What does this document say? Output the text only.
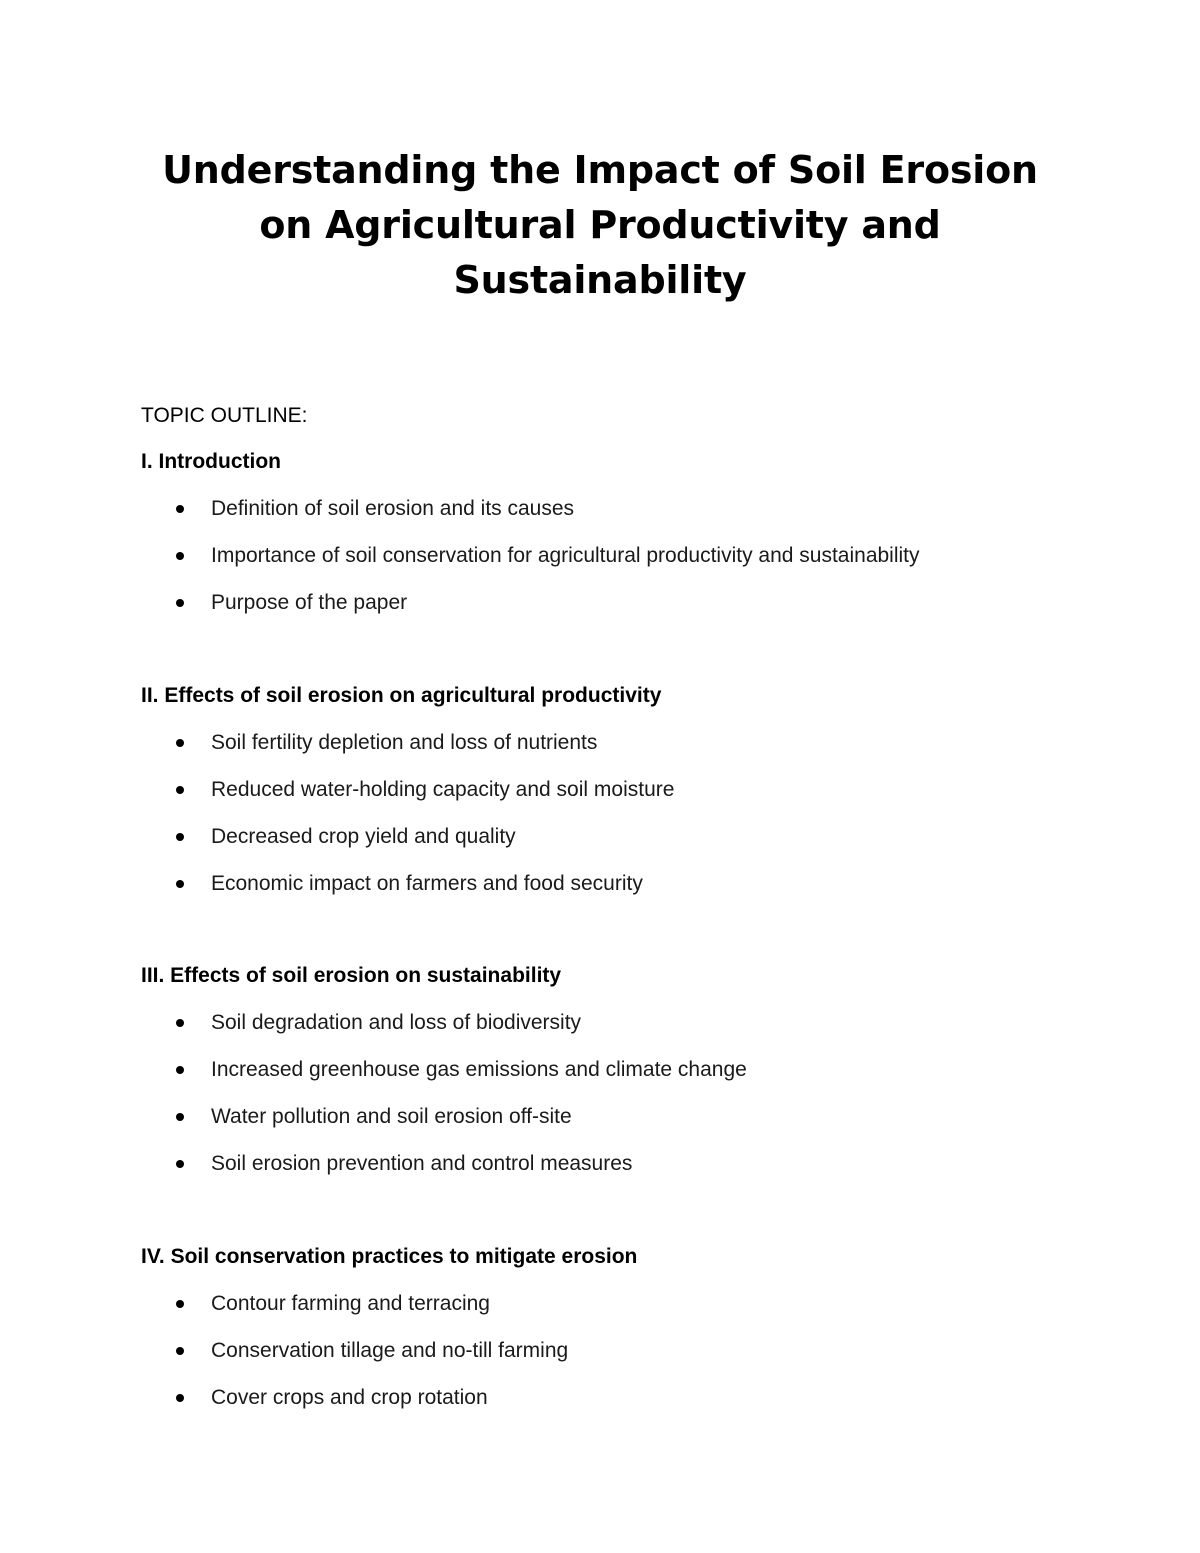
Understanding the Impact of Soil Erosion
on Agricultural Productivity and
Sustainability

TOPIC OUTLINE:

I. Introduction
Definition of soil erosion and its causes
Importance of soil conservation for agricultural productivity and sustainability
Purpose of the paper
II. Effects of soil erosion on agricultural productivity
Soil fertility depletion and loss of nutrients
Reduced water-holding capacity and soil moisture
Decreased crop yield and quality
Economic impact on farmers and food security
III. Effects of soil erosion on sustainability
Soil degradation and loss of biodiversity
Increased greenhouse gas emissions and climate change
Water pollution and soil erosion off-site
Soil erosion prevention and control measures
IV. Soil conservation practices to mitigate erosion
Contour farming and terracing
Conservation tillage and no-till farming
Cover crops and crop rotation
